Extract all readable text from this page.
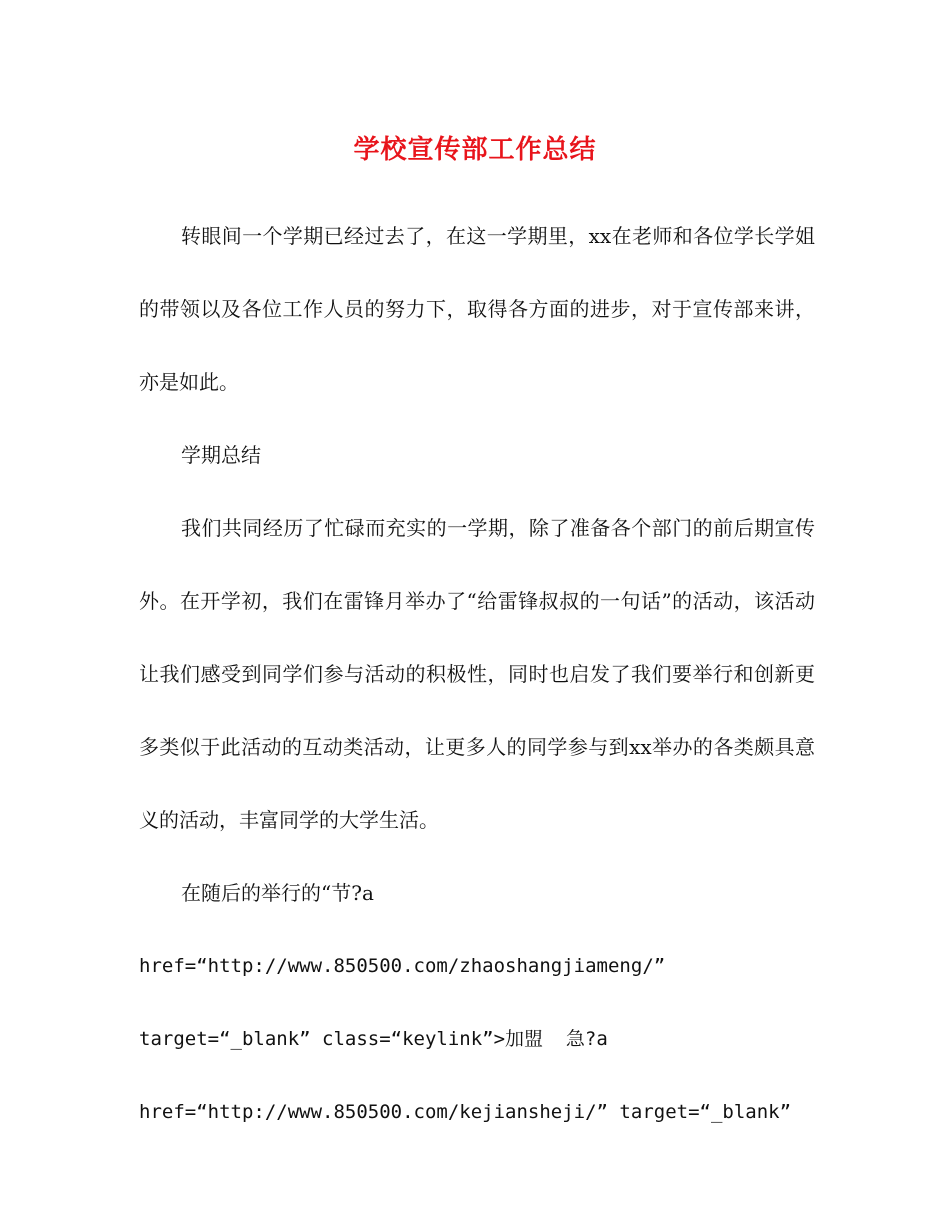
学校宣传部工作总结

转眼间一个学期已经过去了，在这一学期里，xx在老师和各位学长学姐的带领以及各位工作人员的努力下，取得各方面的进步，对于宣传部来讲，亦是如此。

学期总结

我们共同经历了忙碌而充实的一学期，除了准备各个部门的前后期宣传外。在开学初，我们在雷锋月举办了“给雷锋叔叔的一句话”的活动，该活动让我们感受到同学们参与活动的积极性，同时也启发了我们要举行和创新更多类似于此活动的互动类活动，让更多人的同学参与到xx举办的各类颇具意义的活动，丰富同学的大学生活。

在随后的举行的“节?a

href=“http://www.850500.com/zhaoshangjiameng/”

target=“_blank” class=“keylink”>加盟  急?a

href=“http://www.850500.com/kejiansheji/” target=“_blank”
